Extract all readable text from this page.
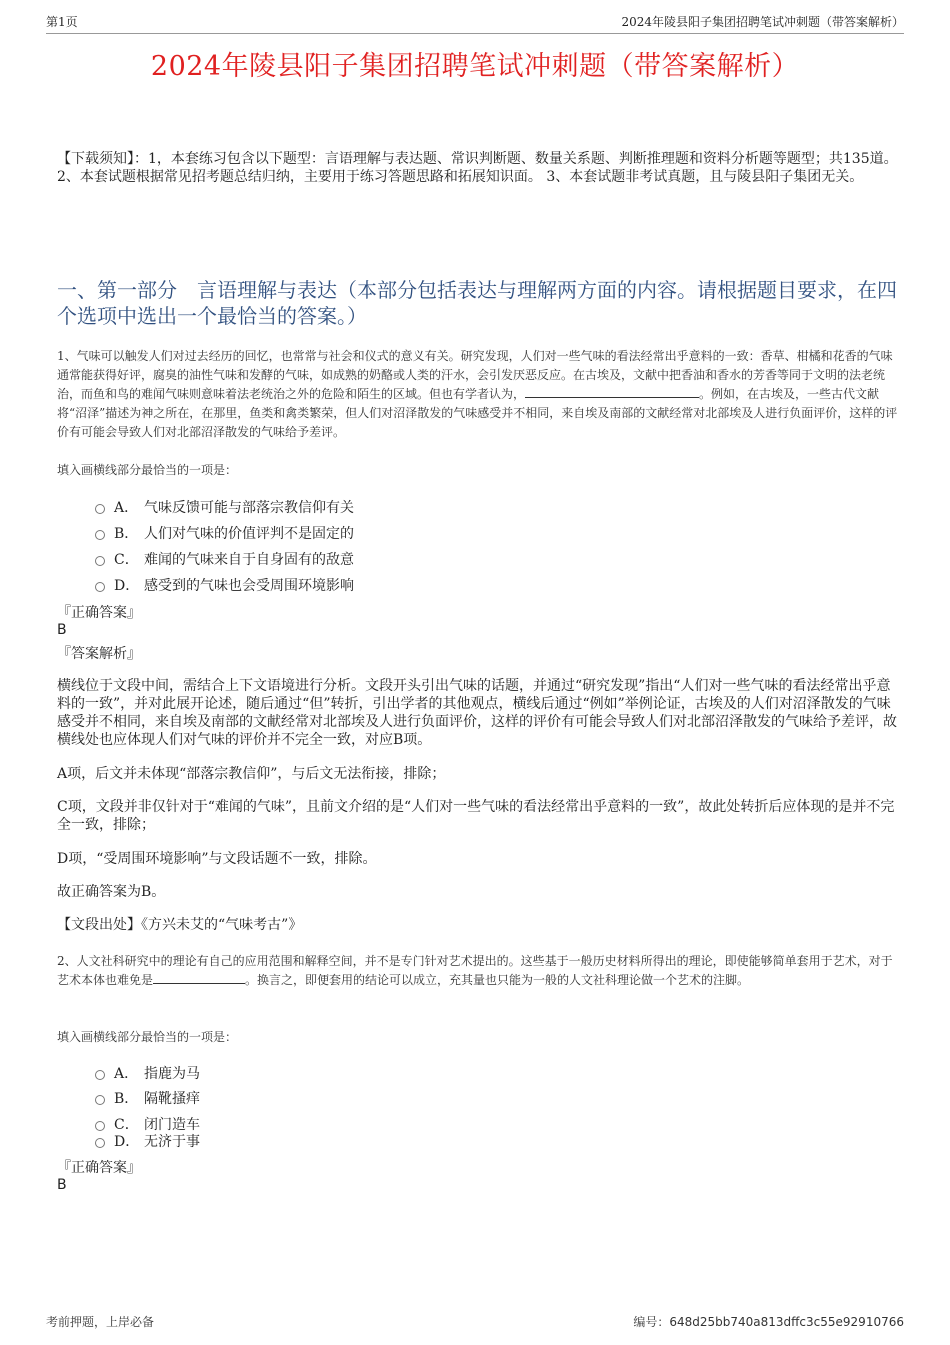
第1页	2024年陵县阳子集团招聘笔试冲刺题（带答案解析）
2024年陵县阳子集团招聘笔试冲刺题（带答案解析）
【下载须知】：1，本套练习包含以下题型：言语理解与表达题、常识判断题、数量关系题、判断推理题和资料分析题等题型；共135道。 2、本套试题根据常见招考题总结归纳，主要用于练习答题思路和拓展知识面。 3、本套试题非考试真题，且与陵县阳子集团无关。
一、第一部分　言语理解与表达（本部分包括表达与理解两方面的内容。请根据题目要求，在四个选项中选出一个最恰当的答案。）
1、气味可以触发人们对过去经历的回忆，也常常与社会和仪式的意义有关。研究发现，人们对一些气味的看法经常出乎意料的一致：香草、柑橘和花香的气味通常能获得好评，腐臭的油性气味和发酵的气味，如成熟的奶酪或人类的汗水，会引发厌恶反应。在古埃及，文献中把香油和香水的芳香等同于文明的法老统治，而鱼和鸟的难闻气味则意味着法老统治之外的危险和陌生的区域。但也有学者认为，	。例如，在古埃及，一些古代文献将“沼泽”描述为神之所在，在那里，鱼类和禽类繁荣，但人们对沼泽散发的气味感受并不相同，来自埃及南部的文献经常对北部埃及人进行负面评价，这样的评价有可能会导致人们对北部沼泽散发的气味给予差评。
填入画横线部分最恰当的一项是：
A． 气味反馈可能与部落宗教信仰有关
B． 人们对气味的价值评判不是固定的
C． 难闻的气味来自于自身固有的敌意
D． 感受到的气味也会受周围环境影响
『正确答案』
B
『答案解析』
横线位于文段中间，需结合上下文语境进行分析。文段开头引出气味的话题，并通过“研究发现”指出“人们对一些气味的看法经常出乎意料的一致”，并对此展开论述，随后通过“但”转折，引出学者的其他观点，横线后通过“例如”举例论证，古埃及的人们对沼泽散发的气味感受并不相同，来自埃及南部的文献经常对北部埃及人进行负面评价，这样的评价有可能会导致人们对北部沼泽散发的气味给予差评，故横线处也应体现人们对气味的评价并不完全一致，对应B项。
A项，后文并未体现“部落宗教信仰”，与后文无法衔接，排除；
C项，文段并非仅针对于“难闻的气味”，且前文介绍的是“人们对一些气味的看法经常出乎意料的一致”，故此处转折后应体现的是并不完全一致，排除；
D项，“受周围环境影响”与文段话题不一致，排除。
故正确答案为B。
【文段出处】《方兴未艾的“气味考古”》
2、人文社科研究中的理论有自己的应用范围和解释空间，并不是专门针对艺术提出的。这些基于一般历史材料所得出的理论，即使能够简单套用于艺术，对于艺术本体也难免是	。换言之，即便套用的结论可以成立，充其量也只能为一般的人文社科理论做一个艺术的注脚。
填入画横线部分最恰当的一项是：
A． 指鹿为马
B． 隔靴搔痒
C． 闭门造车
D． 无济于事
『正确答案』
B
考前押题，上岸必备	编号：648d25bb740a813dffc3c55e92910766
